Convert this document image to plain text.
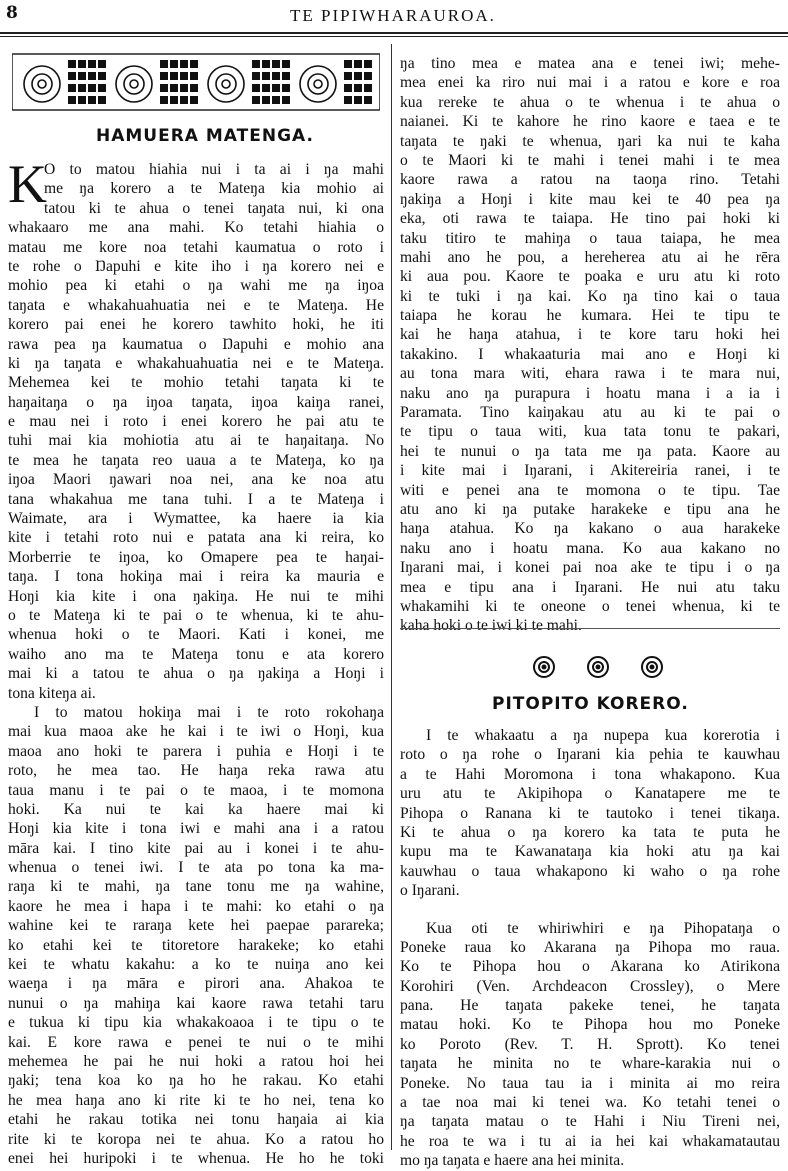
8	TE PIPIWHARAUROA.
HAMUERA MATENGA.
K
O to matou hiahia nui i ta ai i ŋa mahi
me ŋa korero a te Mateŋa kia mohio ai
tatou ki te ahua o tenei taŋata nui, ki ona
whakaaro me ana mahi. Ko tetahi hiahia o
matau me kore noa tetahi kaumatua o roto i
te rohe o Ŋapuhi e kite iho i ŋa korero nei e
mohio pea ki etahi o ŋa wahi me ŋa iŋoa
taŋata e whakahuahuatia nei e te Mateŋa. He
korero pai enei he korero tawhito hoki, he iti
rawa pea ŋa kaumatua o Ŋapuhi e mohio ana
ki ŋa taŋata e whakahuahuatia nei e te Mateŋa.
Mehemea kei te mohio tetahi taŋata ki te
haŋaitaŋa o ŋa iŋoa taŋata, iŋoa kaiŋa ranei,
e mau nei i roto i enei korero he pai atu te
tuhi mai kia mohiotia atu ai te haŋaitaŋa. No
te mea he taŋata reo uaua a te Mateŋa, ko ŋa
iŋoa Maori ŋawari noa nei, ana ke noa atu
tana whakahua me tana tuhi. I a te Mateŋa i
Waimate, ara i Wymattee, ka haere ia kia
kite i tetahi roto nui e patata ana ki reira, ko
Morberrie te iŋoa, ko Omapere pea te haŋai-
taŋa. I tona hokiŋa mai i reira ka mauria e
Hoŋi kia kite i ona ŋakiŋa. He nui te mihi
o te Mateŋa ki te pai o te whenua, ki te ahu-
whenua hoki o te Maori. Kati i konei, me
waiho ano ma te Mateŋa tonu e ata korero
mai ki a tatou te ahua o ŋa ŋakiŋa a Hoŋi i
tona kiteŋa ai.
I to matou hokiŋa mai i te roto rokohaŋa
mai kua maoa ake he kai i te iwi o Hoŋi, kua
maoa ano hoki te parera i puhia e Hoŋi i te
roto, he mea tao. He haŋa reka rawa atu
taua manu i te pai o te maoa, i te momona
hoki. Ka nui te kai ka haere mai ki
Hoŋi kia kite i tona iwi e mahi ana i a ratou
māra kai. I tino kite pai au i konei i te ahu-
whenua o tenei iwi. I te ata po tona ka ma-
raŋa ki te mahi, ŋa tane tonu me ŋa wahine,
kaore he mea i hapa i te mahi: ko etahi o ŋa
wahine kei te raraŋa kete hei paepae parareka;
ko etahi kei te titoretore harakeke; ko etahi
kei te whatu kakahu: a ko te nuiŋa ano kei
waeŋa i ŋa māra e pirori ana. Ahakoa te
nunui o ŋa mahiŋa kai kaore rawa tetahi taru
e tukua ki tipu kia whakakoaoa i te tipu o te
kai. E kore rawa e penei te nui o te mihi
mehemea he pai he nui hoki a ratou hoi hei
ŋaki; tena koa ko ŋa ho he rakau. Ko etahi
he mea haŋa ano ki rite ki te ho nei, tena ko
etahi he rakau totika nei tonu haŋaia ai kia
rite ki te koropa nei te ahua. Ko a ratou ho
enei hei huripoki i te whenua. He ho he toki
ŋa tino mea e matea ana e tenei iwi; mehe-
mea enei ka riro nui mai i a ratou e kore e roa
kua rereke te ahua o te whenua i te ahua o
naianei. Ki te kahore he rino kaore e taea e te
taŋata te ŋaki te whenua, ŋari ka nui te kaha
o te Maori ki te mahi i tenei mahi i te mea
kaore rawa a ratou na taoŋa rino. Tetahi
ŋakiŋa a Hoŋi i kite mau kei te 40 pea ŋa
eka, oti rawa te taiapa. He tino pai hoki ki
taku titiro te mahiŋa o taua taiapa, he mea
mahi ano he pou, a hereherea atu ai he rēra
ki aua pou. Kaore te poaka e uru atu ki roto
ki te tuki i ŋa kai. Ko ŋa tino kai o taua
taiapa he korau he kumara. Hei te tipu te
kai he haŋa atahua, i te kore taru hoki hei
takakino. I whakaaturia mai ano e Hoŋi ki
au tona mara witi, ehara rawa i te mara nui,
naku ano ŋa purapura i hoatu mana i a ia i
Paramata. Tino kaiŋakau atu au ki te pai o
te tipu o taua witi, kua tata tonu te pakari,
hei te nunui o ŋa tata me ŋa pata. Kaore au
i kite mai i Iŋarani, i Akitereiria ranei, i te
witi e penei ana te momona o te tipu. Tae
atu ano ki ŋa putake harakeke e tipu ana he
haŋa atahua. Ko ŋa kakano o aua harakeke
naku ano i hoatu mana. Ko aua kakano no
Iŋarani mai, i konei pai noa ake te tipu i o ŋa
mea e tipu ana i Iŋarani. He nui atu taku
whakamihi ki te oneone o tenei whenua, ki te
kaha hoki o te iwi ki te mahi.
PITOPITO KORERO.
I te whakaatu a ŋa nupepa kua korerotia i
roto o ŋa rohe o Iŋarani kia pehia te kauwhau
a te Hahi Moromona i tona whakapono. Kua
uru atu te Akipihopa o Kanatapere me te
Pihopa o Ranana ki te tautoko i tenei tikaŋa.
Ki te ahua o ŋa korero ka tata te puta he
kupu ma te Kawanataŋa kia hoki atu ŋa kai
kauwhau o taua whakapono ki waho o ŋa rohe
o Iŋarani.
Kua oti te whiriwhiri e ŋa Pihopataŋa o
Poneke raua ko Akarana ŋa Pihopa mo raua.
Ko te Pihopa hou o Akarana ko Atirikona
Korohiri (Ven. Archdeacon Crossley), o Mere
pana. He taŋata pakeke tenei, he taŋata
matau hoki. Ko te Pihopa hou mo Poneke
ko Poroto (Rev. T. H. Sprott). Ko tenei
taŋata he minita no te whare-karakia nui o
Poneke. No taua tau ia i minita ai mo reira
a tae noa mai ki tenei wa. Ko tetahi tenei o
ŋa taŋata matau o te Hahi i Niu Tireni nei,
he roa te wa i tu ai ia hei kai whakamatautau
mo ŋa taŋata e haere ana hei minita.
